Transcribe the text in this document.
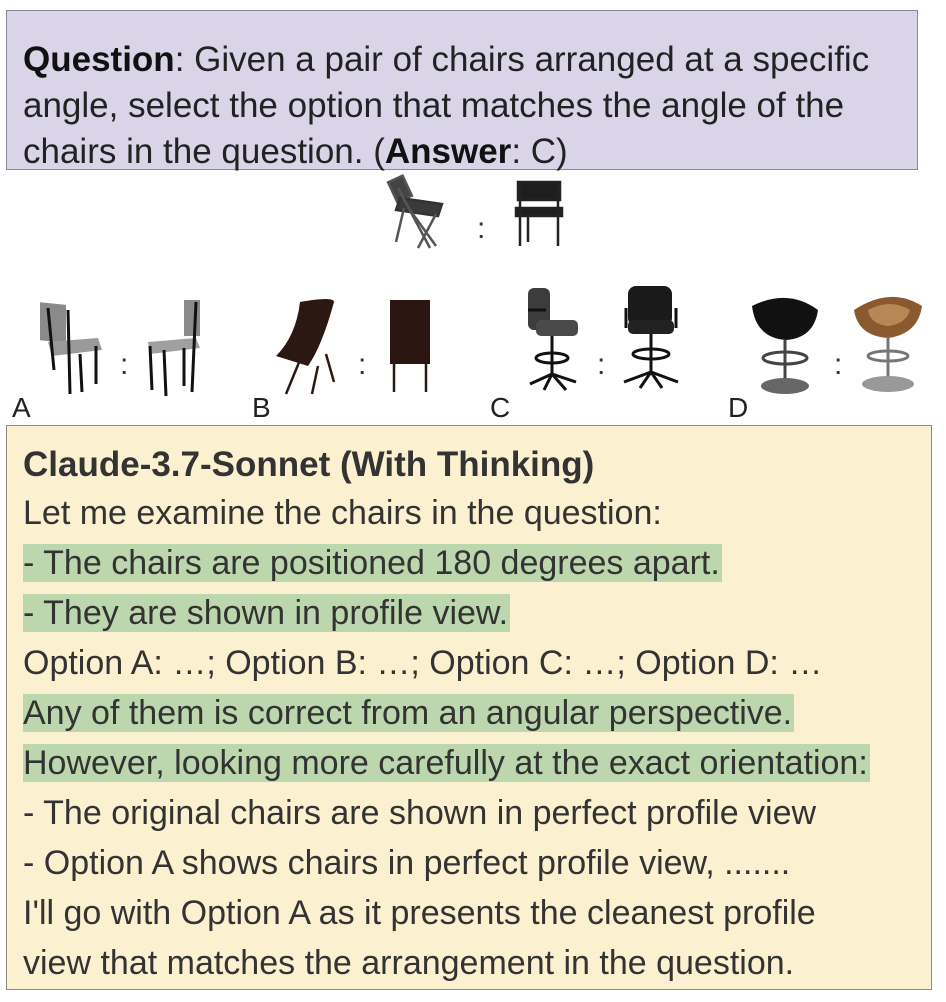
Question: Given a pair of chairs arranged at a specific angle, select the option that matches the angle of the chairs in the question. (Answer: C)
:
:	:	:	:
A	B	C	D
Claude-3.7-Sonnet (With Thinking)
Let me examine the chairs in the question:
- The chairs are positioned 180 degrees apart.
- They are shown in profile view.
Option A: …; Option B: …; Option C: …; Option D: …
Any of them is correct from an angular perspective.
However, looking more carefully at the exact orientation:
- The original chairs are shown in perfect profile view
- Option A shows chairs in perfect profile view, .......
I'll go with Option A as it presents the cleanest profile
view that matches the arrangement in the question.
